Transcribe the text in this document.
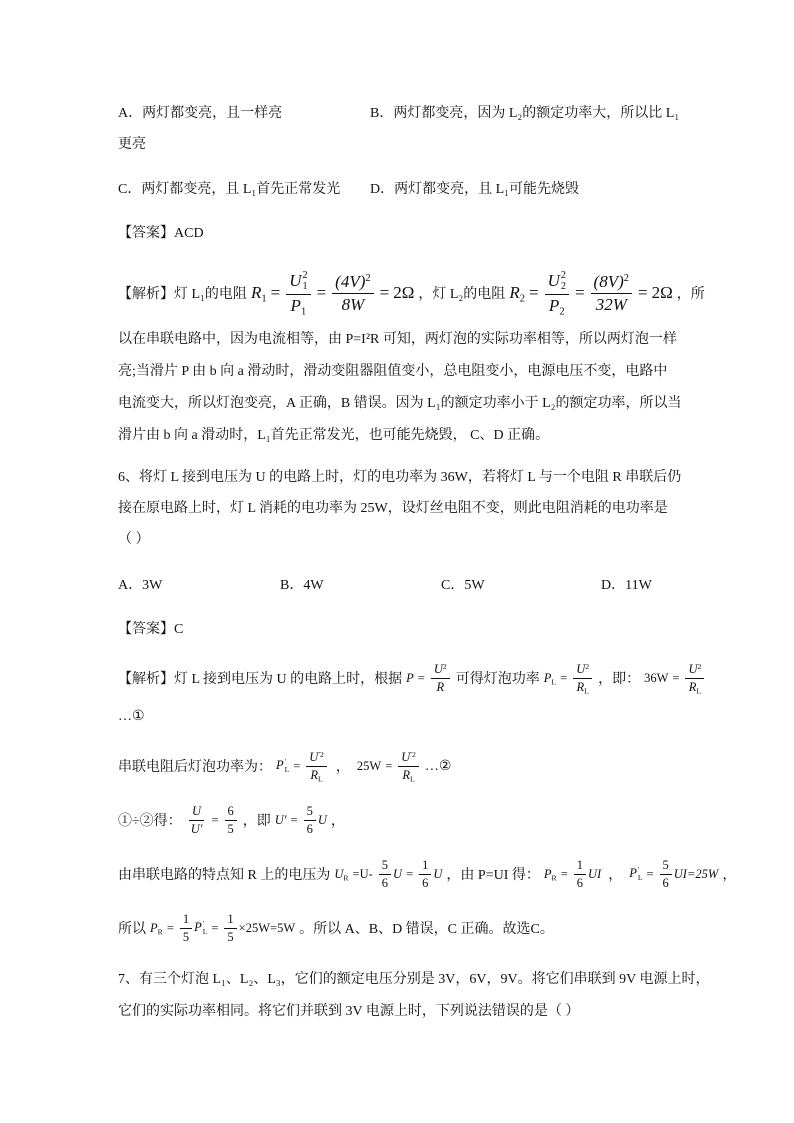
A．两灯都变亮，且一样亮	B．两灯都变亮，因为 L₂的额定功率大，所以比 L₁
更亮
C．两灯都变亮，且 L₁首先正常发光	D．两灯都变亮，且 L₁可能先烧毁
【答案】ACD
【解析】灯 L₁的电阻 $R_1 = U$ 2
1
$P_1 = \frac{(4V)^2}{8W} = 2\Omega$ ，灯 L₂的电阻 $R_2 = U$ 2
2
$P_2 = \frac{(8V)^2}{32W} = 2\Omega$ ，所
以在串联电路中，因为电流相等，由 P=I²R 可知，两灯泡的实际功率相等，所以两灯泡一样
亮;当滑片 P 由 b 向 a 滑动时，滑动变阻器阻值变小，总电阻变小，电源电压不变，电路中
电流变大，所以灯泡变亮，A 正确，B 错误。因为 L₁的额定功率小于 L₂的额定功率，所以当
滑片由 b 向 a 滑动时，L₁首先正常发光，也可能先烧毁， C、D 正确。
6、将灯 L 接到电压为 U 的电路上时，灯的电功率为 36W，若将灯 L 与一个电阻 R 串联后仍
接在原电路上时，灯 L 消耗的电功率为 25W，设灯丝电阻不变，则此电阻消耗的电功率是
（ ）
A．3W	B．4W	C．5W	D．11W
【答案】C
【解析】灯 L 接到电压为 U 的电路上时，根据 $P = \frac{U^2}{R}$ 可得灯泡功率 $P_L = \frac{U^2}{R_L}$ ，即： $36W = \frac{U^2}{R_L}$
…①
串联电阻后灯泡功率为： P ′
$L = \frac{U^{'2}}{R_L}$ ， $25W = \frac{U^{'2}}{R_L}$ …②
①÷②得： $\frac{U}{U'} = \frac{6}{5}$ ，即 $U' = \frac{5}{6}$ U ，
由串联电路的特点知 R 上的电压为 $U_R =U- \frac{5}{6}$ $U = \frac{1}{6}$ U ，由 P=UI 得： $P_R = \frac{1}{6}$ UI ， P ′
$L = \frac{5}{6} UI=25W$ ，
所以 $P_R = \frac{1}{5}$ P ′
$L = \frac{1}{5} \times 25W=5W$ 。所以 A、B、D 错误，C 正确。故选C。
7、有三个灯泡 L₁、L₂、L₃，它们的额定电压分别是 3V，6V，9V。将它们串联到 9V 电源上时，
它们的实际功率相同。将它们并联到 3V 电源上时，下列说法错误的是（ ）
